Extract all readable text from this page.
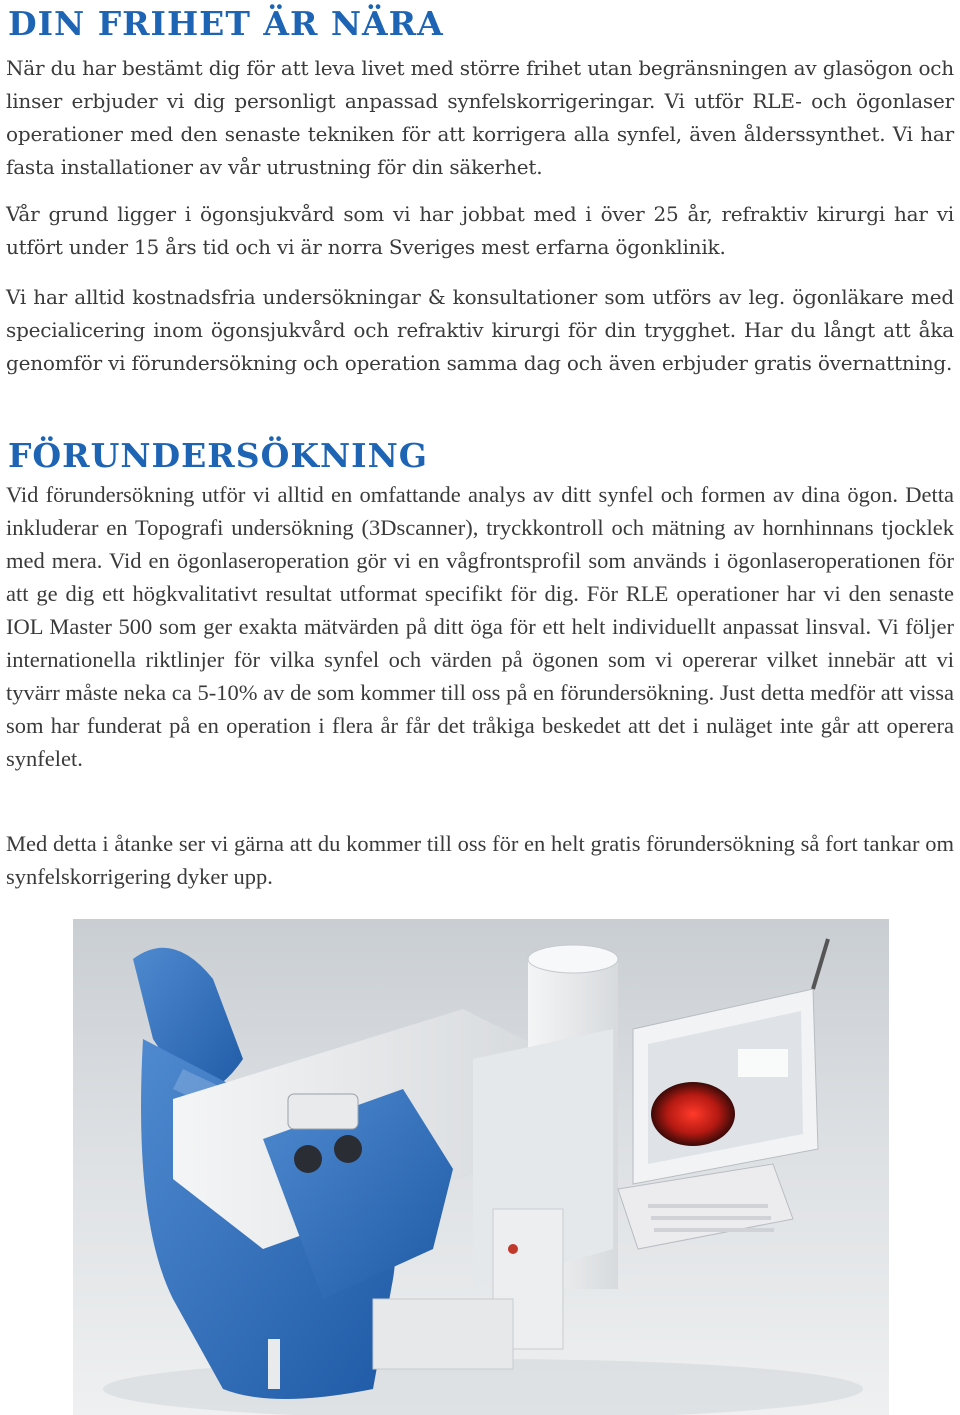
DIN FRIHET ÄR NÄRA

När du har bestämt dig för att leva livet med större frihet utan begränsningen av glasögon och linser erbjuder vi dig personligt anpassad synfelskorrigeringar. Vi utför RLE- och ögonlaser operationer med den senaste tekniken för att korrigera alla synfel, även ålderssynthet. Vi har fasta installationer av vår utrustning för din säkerhet.

Vår grund ligger i ögonsjukvård som vi har jobbat med i över 25 år, refraktiv kirurgi har vi utfört under 15 års tid och vi är norra Sveriges mest erfarna ögonklinik.

Vi har alltid kostnadsfria undersökningar & konsultationer som utförs av leg. ögonläkare med specialicering inom ögonsjukvård och refraktiv kirurgi för din trygghet. Har du långt att åka genomför vi förundersökning och operation samma dag och även erbjuder gratis övernattning.

FÖRUNDERSÖKNING

Vid förundersökning utför vi alltid en omfattande analys av ditt synfel och formen av dina ögon. Detta inkluderar en Topografi undersökning (3Dscanner), tryckkontroll och mätning av hornhinnans tjocklek med mera. Vid en ögonlaseroperation gör vi en vågfrontsprofil som används i ögonlaseroperationen för att ge dig ett högkvalitativt resultat utformat specifikt för dig. För RLE operationer har vi den senaste IOL Master 500 som ger exakta mätvärden på ditt öga för ett helt individuellt anpassat linsval. Vi följer internationella riktlinjer för vilka synfel och värden på ögonen som vi opererar vilket innebär att vi tyvärr måste neka ca 5-10% av de som kommer till oss på en förundersökning. Just detta medför att vissa som har funderat på en operation i flera år får det tråkiga beskedet att det i nuläget inte går att operera synfelet.

Med detta i åtanke ser vi gärna att du kommer till oss för en helt gratis förundersökning så fort tankar om synfelskorrigering dyker upp.
